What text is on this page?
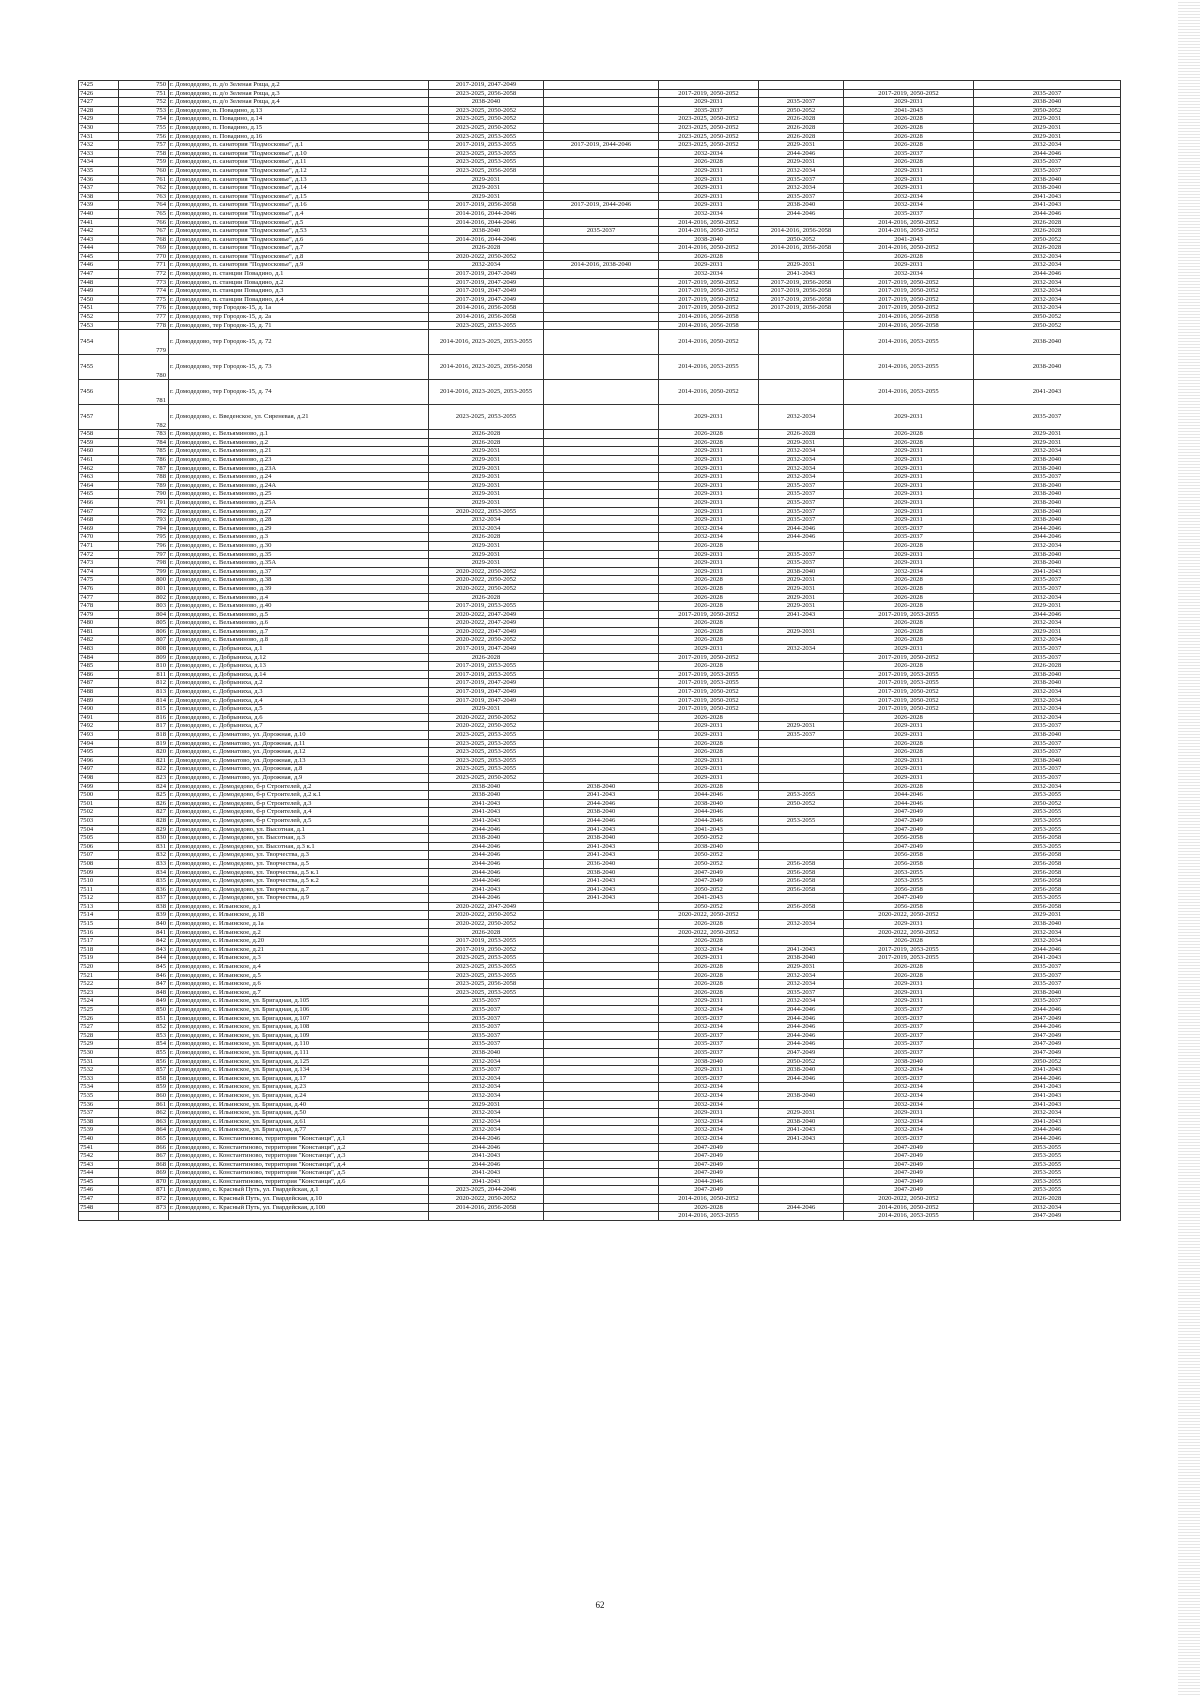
7425	750	г. Домодедово, п. д/о Зеленая Роща, д.2	2017-2019, 2047-2049					
7426	751	г. Домодедово, п. д/о Зеленая Роща, д.3	2023-2025, 2056-2058		2017-2019, 2050-2052		2017-2019, 2050-2052	2035-2037
7427	752	г. Домодедово, п. д/о Зеленая Роща, д.4	2038-2040		2029-2031	2035-2037	2029-2031	2038-2040
7428	753	г. Домодедово, п. Повадино, д.13	2023-2025, 2050-2052		2035-2037	2050-2052	2041-2043	2050-2052
7429	754	г. Домодедово, п. Повадино, д.14	2023-2025, 2050-2052		2023-2025, 2050-2052	2026-2028	2026-2028	2029-2031
7430	755	г. Домодедово, п. Повадино, д.15	2023-2025, 2050-2052		2023-2025, 2050-2052	2026-2028	2026-2028	2029-2031
7431	756	г. Домодедово, п. Повадино, д.16	2023-2025, 2053-2055		2023-2025, 2050-2052	2026-2028	2026-2028	2029-2031
7432	757	г. Домодедово, п. санатория "Подмосковье", д.1	2017-2019, 2053-2055	2017-2019, 2044-2046	2023-2025, 2050-2052	2029-2031	2026-2028	2032-2034
7433	758	г. Домодедово, п. санатория "Подмосковье", д.10	2023-2025, 2053-2055		2032-2034	2044-2046	2035-2037	2044-2046
7434	759	г. Домодедово, п. санатория "Подмосковье", д.11	2023-2025, 2053-2055		2026-2028	2029-2031	2026-2028	2035-2037
7435	760	г. Домодедово, п. санатория "Подмосковье", д.12	2023-2025, 2056-2058		2029-2031	2032-2034	2029-2031	2035-2037
7436	761	г. Домодедово, п. санатория "Подмосковье", д.13	2029-2031		2029-2031	2035-2037	2029-2031	2038-2040
7437	762	г. Домодедово, п. санатория "Подмосковье", д.14	2029-2031		2029-2031	2032-2034	2029-2031	2038-2040
7438	763	г. Домодедово, п. санатория "Подмосковье", д.15	2029-2031		2029-2031	2035-2037	2032-2034	2041-2043
7439	764	г. Домодедово, п. санатория "Подмосковье", д.16	2017-2019, 2056-2058	2017-2019, 2044-2046	2029-2031	2038-2040	2032-2034	2041-2043
7440	765	г. Домодедово, п. санатория "Подмосковье", д.4	2014-2016, 2044-2046		2032-2034	2044-2046	2035-2037	2044-2046
7441	766	г. Домодедово, п. санатория "Подмосковье", д.5	2014-2016, 2044-2046		2014-2016, 2050-2052		2014-2016, 2050-2052	2026-2028
7442	767	г. Домодедово, п. санатория "Подмосковье", д.53	2038-2040	2035-2037	2014-2016, 2050-2052	2014-2016, 2056-2058	2014-2016, 2050-2052	2026-2028
7443	768	г. Домодедово, п. санатория "Подмосковье", д.6	2014-2016, 2044-2046		2038-2040	2050-2052	2041-2043	2050-2052
7444	769	г. Домодедово, п. санатория "Подмосковье", д.7	2026-2028		2014-2016, 2050-2052	2014-2016, 2056-2058	2014-2016, 2050-2052	2026-2028
7445	770	г. Домодедово, п. санатория "Подмосковье", д.8	2020-2022, 2050-2052		2026-2028		2026-2028	2032-2034
7446	771	г. Домодедово, п. санатория "Подмосковье", д.9	2032-2034	2014-2016, 2038-2040	2029-2031	2029-2031	2029-2031	2032-2034
7447	772	г. Домодедово, п. станции Повадино, д.1	2017-2019, 2047-2049		2032-2034	2041-2043	2032-2034	2044-2046
7448	773	г. Домодедово, п. станции Повадино, д.2	2017-2019, 2047-2049		2017-2019, 2050-2052	2017-2019, 2056-2058	2017-2019, 2050-2052	2032-2034
7449	774	г. Домодедово, п. станции Повадино, д.3	2017-2019, 2047-2049		2017-2019, 2050-2052	2017-2019, 2056-2058	2017-2019, 2050-2052	2032-2034
7450	775	г. Домодедово, п. станции Повадино, д.4	2017-2019, 2047-2049		2017-2019, 2050-2052	2017-2019, 2056-2058	2017-2019, 2050-2052	2032-2034
7451	776	г. Домодедово, тер Городок-15, д. 1а	2014-2016, 2056-2058		2017-2019, 2050-2052	2017-2019, 2056-2058	2017-2019, 2050-2052	2032-2034
7452	777	г. Домодедово, тер Городок-15, д. 2а	2014-2016, 2056-2058		2014-2016, 2056-2058		2014-2016, 2056-2058	2050-2052
7453	778	г. Домодедово, тер Городок-15, д. 71	2023-2025, 2053-2055		2014-2016, 2056-2058		2014-2016, 2056-2058	2050-2052
7454	779	г. Домодедово, тер Городок-15, д. 72	2014-2016, 2023-2025, 2053-2055		2014-2016, 2050-2052		2014-2016, 2053-2055	2038-2040
7455	780	г. Домодедово, тер Городок-15, д. 73	2014-2016, 2023-2025, 2056-2058		2014-2016, 2053-2055		2014-2016, 2053-2055	2038-2040
7456	781	г. Домодедово, тер Городок-15, д. 74	2014-2016, 2023-2025, 2053-2055		2014-2016, 2050-2052		2014-2016, 2053-2055	2041-2043
7457	782	г. Домодедово, с. Введенское, ул. Сиреневая, д.21	2023-2025, 2053-2055		2029-2031	2032-2034	2029-2031	2035-2037
7458	783	г. Домодедово, с. Вельяминово, д.1	2026-2028		2026-2028	2026-2028	2026-2028	2029-2031
7459	784	г. Домодедово, с. Вельяминово, д.2	2026-2028		2026-2028	2029-2031	2026-2028	2029-2031
7460	785	г. Домодедово, с. Вельяминово, д.21	2029-2031		2029-2031	2032-2034	2029-2031	2032-2034
7461	786	г. Домодедово, с. Вельяминово, д.23	2029-2031		2029-2031	2032-2034	2029-2031	2038-2040
7462	787	г. Домодедово, с. Вельяминово, д.23А	2029-2031		2029-2031	2032-2034	2029-2031	2038-2040
7463	788	г. Домодедово, с. Вельяминово, д.24	2029-2031		2029-2031	2032-2034	2029-2031	2035-2037
7464	789	г. Домодедово, с. Вельяминово, д.24А	2029-2031		2029-2031	2035-2037	2029-2031	2038-2040
7465	790	г. Домодедово, с. Вельяминово, д.25	2029-2031		2029-2031	2035-2037	2029-2031	2038-2040
7466	791	г. Домодедово, с. Вельяминово, д.25А	2029-2031		2029-2031	2035-2037	2029-2031	2038-2040
7467	792	г. Домодедово, с. Вельяминово, д.27	2020-2022, 2053-2055		2029-2031	2035-2037	2029-2031	2038-2040
7468	793	г. Домодедово, с. Вельяминово, д.28	2032-2034		2029-2031	2035-2037	2029-2031	2038-2040
7469	794	г. Домодедово, с. Вельяминово, д.29	2032-2034		2032-2034	2044-2046	2035-2037	2044-2046
7470	795	г. Домодедово, с. Вельяминово, д.3	2026-2028		2032-2034	2044-2046	2035-2037	2044-2046
7471	796	г. Домодедово, с. Вельяминово, д.30	2029-2031		2026-2028		2026-2028	2032-2034
7472	797	г. Домодедово, с. Вельяминово, д.35	2029-2031		2029-2031	2035-2037	2029-2031	2038-2040
7473	798	г. Домодедово, с. Вельяминово, д.35А	2029-2031		2029-2031	2035-2037	2029-2031	2038-2040
7474	799	г. Домодедово, с. Вельяминово, д.37	2020-2022, 2050-2052		2029-2031	2038-2040	2032-2034	2041-2043
7475	800	г. Домодедово, с. Вельяминово, д.38	2020-2022, 2050-2052		2026-2028	2029-2031	2026-2028	2035-2037
7476	801	г. Домодедово, с. Вельяминово, д.39	2020-2022, 2050-2052		2026-2028	2029-2031	2026-2028	2035-2037
7477	802	г. Домодедово, с. Вельяминово, д.4	2026-2028		2026-2028	2029-2031	2026-2028	2032-2034
7478	803	г. Домодедово, с. Вельяминово, д.40	2017-2019, 2053-2055		2026-2028	2029-2031	2026-2028	2029-2031
7479	804	г. Домодедово, с. Вельяминово, д.5	2020-2022, 2047-2049		2017-2019, 2050-2052	2041-2043	2017-2019, 2053-2055	2044-2046
7480	805	г. Домодедово, с. Вельяминово, д.6	2020-2022, 2047-2049		2026-2028		2026-2028	2032-2034
7481	806	г. Домодедово, с. Вельяминово, д.7	2020-2022, 2047-2049		2026-2028	2029-2031	2026-2028	2029-2031
7482	807	г. Домодедово, с. Вельяминово, д.8	2020-2022, 2050-2052		2026-2028		2026-2028	2032-2034
7483	808	г. Домодедово, с. Добрыниха, д.1	2017-2019, 2047-2049		2029-2031	2032-2034	2029-2031	2035-2037
7484	809	г. Домодедово, с. Добрыниха, д.12	2026-2028		2017-2019, 2050-2052		2017-2019, 2050-2052	2035-2037
7485	810	г. Домодедово, с. Добрыниха, д.13	2017-2019, 2053-2055		2026-2028		2026-2028	2026-2028
7486	811	г. Домодедово, с. Добрыниха, д.14	2017-2019, 2053-2055		2017-2019, 2053-2055		2017-2019, 2053-2055	2038-2040
7487	812	г. Домодедово, с. Добрыниха, д.2	2017-2019, 2047-2049		2017-2019, 2053-2055		2017-2019, 2053-2055	2038-2040
7488	813	г. Домодедово, с. Добрыниха, д.3	2017-2019, 2047-2049		2017-2019, 2050-2052		2017-2019, 2050-2052	2032-2034
7489	814	г. Домодедово, с. Добрыниха, д.4	2017-2019, 2047-2049		2017-2019, 2050-2052		2017-2019, 2050-2052	2032-2034
7490	815	г. Домодедово, с. Добрыниха, д.5	2029-2031		2017-2019, 2050-2052		2017-2019, 2050-2052	2032-2034
7491	816	г. Домодедово, с. Добрыниха, д.6	2020-2022, 2050-2052		2026-2028		2026-2028	2032-2034
7492	817	г. Домодедово, с. Добрыниха, д.7	2020-2022, 2050-2052		2029-2031	2029-2031	2029-2031	2035-2037
7493	818	г. Домодедово, с. Домнатово, ул. Дорожная, д.10	2023-2025, 2053-2055		2029-2031	2035-2037	2029-2031	2038-2040
7494	819	г. Домодедово, с. Домнатово, ул. Дорожная, д.11	2023-2025, 2053-2055		2026-2028		2026-2028	2035-2037
7495	820	г. Домодедово, с. Домнатово, ул. Дорожная, д.12	2023-2025, 2053-2055		2026-2028		2026-2028	2035-2037
7496	821	г. Домодедово, с. Домнатово, ул. Дорожная, д.13	2023-2025, 2053-2055		2029-2031		2029-2031	2038-2040
7497	822	г. Домодедово, с. Домнатово, ул. Дорожная, д.8	2023-2025, 2053-2055		2029-2031		2029-2031	2035-2037
7498	823	г. Домодедово, с. Домнатово, ул. Дорожная, д.9	2023-2025, 2050-2052		2029-2031		2029-2031	2035-2037
7499	824	г. Домодедово, с. Домодедово, б-р Строителей, д.2	2038-2040	2038-2040	2026-2028		2026-2028	2032-2034
7500	825	г. Домодедово, с. Домодедово, б-р Строителей, д.2 к.1	2038-2040	2041-2043	2044-2046	2053-2055	2044-2046	2053-2055
7501	826	г. Домодедово, с. Домодедово, б-р Строителей, д.3	2041-2043	2044-2046	2038-2040	2050-2052	2044-2046	2050-2052
7502	827	г. Домодедово, с. Домодедово, б-р Строителей, д.4	2041-2043	2038-2040	2044-2046		2047-2049	2053-2055
7503	828	г. Домодедово, с. Домодедово, б-р Строителей, д.5	2041-2043	2044-2046	2044-2046	2053-2055	2047-2049	2053-2055
7504	829	г. Домодедово, с. Домодедово, ул. Высотная, д.1	2044-2046	2041-2043	2041-2043		2047-2049	2053-2055
7505	830	г. Домодедово, с. Домодедово, ул. Высотная, д.3	2038-2040	2038-2040	2050-2052		2056-2058	2056-2058
7506	831	г. Домодедово, с. Домодедово, ул. Высотная, д.3 к.1	2044-2046	2041-2043	2038-2040		2047-2049	2053-2055
7507	832	г. Домодедово, с. Домодедово, ул. Творчества, д.3	2044-2046	2041-2043	2050-2052		2056-2058	2056-2058
7508	833	г. Домодедово, с. Домодедово, ул. Творчества, д.5	2044-2046	2036-2040	2050-2052	2056-2058	2056-2058	2056-2058
7509	834	г. Домодедово, с. Домодедово, ул. Творчества, д.5 к.1	2044-2046	2038-2040	2047-2049	2056-2058	2053-2055	2056-2058
7510	835	г. Домодедово, с. Домодедово, ул. Творчества, д.5 к.2	2044-2046	2041-2043	2047-2049	2056-2058	2053-2055	2056-2058
7511	836	г. Домодедово, с. Домодедово, ул. Творчества, д.7	2041-2043	2041-2043	2050-2052	2056-2058	2056-2058	2056-2058
7512	837	г. Домодедово, с. Домодедово, ул. Творчества, д.9	2044-2046	2041-2043	2041-2043		2047-2049	2053-2055
7513	838	г. Домодедово, с. Ильинское, д.1	2020-2022, 2047-2049		2050-2052	2056-2058	2056-2058	2056-2058
7514	839	г. Домодедово, с. Ильинское, д.18	2020-2022, 2050-2052		2020-2022, 2050-2052		2020-2022, 2050-2052	2029-2031
7515	840	г. Домодедово, с. Ильинское, д.1а	2020-2022, 2050-2052		2026-2028	2032-2034	2029-2031	2038-2040
7516	841	г. Домодедово, с. Ильинское, д.2	2026-2028		2020-2022, 2050-2052		2020-2022, 2050-2052	2032-2034
7517	842	г. Домодедово, с. Ильинское, д.20	2017-2019, 2053-2055		2026-2028		2026-2028	2032-2034
7518	843	г. Домодедово, с. Ильинское, д.21	2017-2019, 2050-2052		2032-2034	2041-2043	2017-2019, 2053-2055	2044-2046
7519	844	г. Домодедово, с. Ильинское, д.3	2023-2025, 2053-2055		2029-2031	2038-2040	2017-2019, 2053-2055	2041-2043
7520	845	г. Домодедово, с. Ильинское, д.4	2023-2025, 2053-2055		2026-2028	2029-2031	2026-2028	2035-2037
7521	846	г. Домодедово, с. Ильинское, д.5	2023-2025, 2053-2055		2026-2028	2032-2034	2026-2028	2035-2037
7522	847	г. Домодедово, с. Ильинское, д.6	2023-2025, 2056-2058		2026-2028	2032-2034	2029-2031	2035-2037
7523	848	г. Домодедово, с. Ильинское, д.7	2023-2025, 2053-2055		2026-2028	2035-2037	2029-2031	2038-2040
7524	849	г. Домодедово, с. Ильинское, ул. Бригадная, д.105	2035-2037		2029-2031	2032-2034	2029-2031	2035-2037
7525	850	г. Домодедово, с. Ильинское, ул. Бригадная, д.106	2035-2037		2032-2034	2044-2046	2035-2037	2044-2046
7526	851	г. Домодедово, с. Ильинское, ул. Бригадная, д.107	2035-2037		2035-2037	2044-2046	2035-2037	2047-2049
7527	852	г. Домодедово, с. Ильинское, ул. Бригадная, д.108	2035-2037		2032-2034	2044-2046	2035-2037	2044-2046
7528	853	г. Домодедово, с. Ильинское, ул. Бригадная, д.109	2035-2037		2035-2037	2044-2046	2035-2037	2047-2049
7529	854	г. Домодедово, с. Ильинское, ул. Бригадная, д.110	2035-2037		2035-2037	2044-2046	2035-2037	2047-2049
7530	855	г. Домодедово, с. Ильинское, ул. Бригадная, д.111	2038-2040		2035-2037	2047-2049	2035-2037	2047-2049
7531	856	г. Домодедово, с. Ильинское, ул. Бригадная, д.125	2032-2034		2038-2040	2050-2052	2038-2040	2050-2052
7532	857	г. Домодедово, с. Ильинское, ул. Бригадная, д.134	2035-2037		2029-2031	2038-2040	2032-2034	2041-2043
7533	858	г. Домодедово, с. Ильинское, ул. Бригадная, д.17	2032-2034		2035-2037	2044-2046	2035-2037	2044-2046
7534	859	г. Домодедово, с. Ильинское, ул. Бригадная, д.23	2032-2034		2032-2034		2032-2034	2041-2043
7535	860	г. Домодедово, с. Ильинское, ул. Бригадная, д.24	2032-2034		2032-2034	2038-2040	2032-2034	2041-2043
7536	861	г. Домодедово, с. Ильинское, ул. Бригадная, д.40	2029-2031		2032-2034		2032-2034	2041-2043
7537	862	г. Домодедово, с. Ильинское, ул. Бригадная, д.50	2032-2034		2029-2031	2029-2031	2029-2031	2032-2034
7538	863	г. Домодедово, с. Ильинское, ул. Бригадная, д.61	2032-2034		2032-2034	2038-2040	2032-2034	2041-2043
7539	864	г. Домодедово, с. Ильинское, ул. Бригадная, д.77	2032-2034		2032-2034	2041-2043	2032-2034	2044-2046
7540	865	г. Домодедово, с. Константиново, территория "Констанця", д.1	2044-2046		2032-2034	2041-2043	2035-2037	2044-2046
7541	866	г. Домодедово, с. Константиново, территория "Констанця", д.2	2044-2046		2047-2049		2047-2049	2053-2055
7542	867	г. Домодедово, с. Константиново, территория "Констанця", д.3	2041-2043		2047-2049		2047-2049	2053-2055
7543	868	г. Домодедово, с. Константиново, территория "Констанця", д.4	2044-2046		2047-2049		2047-2049	2053-2055
7544	869	г. Домодедово, с. Константиново, территория "Констанця", д.5	2041-2043		2047-2049		2047-2049	2053-2055
7545	870	г. Домодедово, с. Константиново, территория "Констанця", д.6	2041-2043		2044-2046		2047-2049	2053-2055
7546	871	г. Домодедово, с. Красный Путь, ул. Гвардейская, д.1	2023-2025, 2044-2046		2047-2049		2047-2049	2053-2055
7547	872	г. Домодедово, с. Красный Путь, ул. Гвардейская, д.10	2020-2022, 2050-2052		2014-2016, 2050-2052		2020-2022, 2050-2052	2026-2028
7548	873	г. Домодедово, с. Красный Путь, ул. Гвардейская, д.100	2014-2016, 2056-2058		2026-2028	2044-2046	2014-2016, 2050-2052	2032-2034
					2014-2016, 2053-2055		2014-2016, 2053-2055	2047-2049
62
